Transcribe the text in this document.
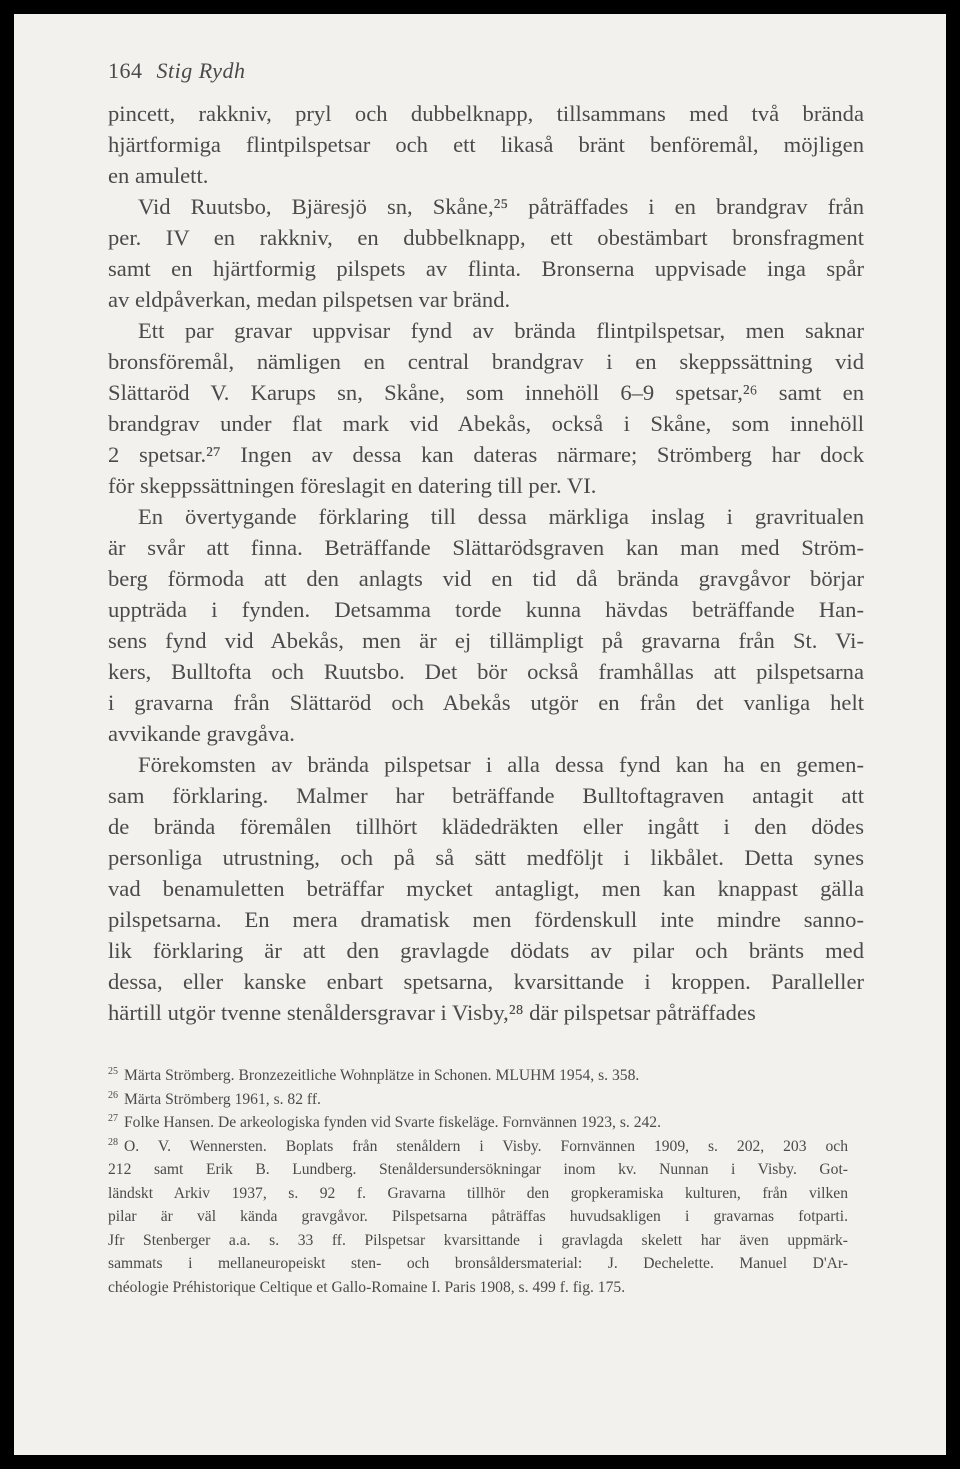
164 Stig Rydh
pincett, rakkniv, pryl och dubbelknapp, tillsammans med två brända
hjärtformiga flintpilspetsar och ett likaså bränt benföremål, möjligen
en amulett.
Vid Ruutsbo, Bjäresjö sn, Skåne,²⁵ påträffades i en brandgrav från
per. IV en rakkniv, en dubbelknapp, ett obestämbart bronsfragment
samt en hjärtformig pilspets av flinta. Bronserna uppvisade inga spår
av eldpåverkan, medan pilspetsen var bränd.
Ett par gravar uppvisar fynd av brända flintpilspetsar, men saknar
bronsföremål, nämligen en central brandgrav i en skeppssättning vid
Slättaröd V. Karups sn, Skåne, som innehöll 6–9 spetsar,²⁶ samt en
brandgrav under flat mark vid Abekås, också i Skåne, som innehöll
2 spetsar.²⁷ Ingen av dessa kan dateras närmare; Strömberg har dock
för skeppssättningen föreslagit en datering till per. VI.
En övertygande förklaring till dessa märkliga inslag i gravritualen
är svår att finna. Beträffande Slättarödsgraven kan man med Ström-
berg förmoda att den anlagts vid en tid då brända gravgåvor börjar
uppträda i fynden. Detsamma torde kunna hävdas beträffande Han-
sens fynd vid Abekås, men är ej tillämpligt på gravarna från St. Vi-
kers, Bulltofta och Ruutsbo. Det bör också framhållas att pilspetsarna
i gravarna från Slättaröd och Abekås utgör en från det vanliga helt
avvikande gravgåva.
Förekomsten av brända pilspetsar i alla dessa fynd kan ha en gemen-
sam förklaring. Malmer har beträffande Bulltoftagraven antagit att
de brända föremålen tillhört klädedräkten eller ingått i den dödes
personliga utrustning, och på så sätt medföljt i likbålet. Detta synes
vad benamuletten beträffar mycket antagligt, men kan knappast gälla
pilspetsarna. En mera dramatisk men fördenskull inte mindre sanno-
lik förklaring är att den gravlagde dödats av pilar och bränts med
dessa, eller kanske enbart spetsarna, kvarsittande i kroppen. Paralleller
härtill utgör tvenne stenåldersgravar i Visby,²⁸ där pilspetsar påträffades
$^{25}$ Märta Strömberg. Bronzezeitliche Wohnplätze in Schonen. MLUHM 1954, s. 358.
$^{26}$ Märta Strömberg 1961, s. 82 ff.
$^{27}$ Folke Hansen. De arkeologiska fynden vid Svarte fiskeläge. Fornvännen 1923, s. 242.
$^{28}$ O. V. Wennersten. Boplats från stenåldern i Visby. Fornvännen 1909, s. 202, 203 och
212 samt Erik B. Lundberg. Stenåldersundersökningar inom kv. Nunnan i Visby. Got-
ländskt Arkiv 1937, s. 92 f. Gravarna tillhör den gropkeramiska kulturen, från vilken
pilar är väl kända gravgåvor. Pilspetsarna påträffas huvudsakligen i gravarnas fotparti.
Jfr Stenberger a.a. s. 33 ff. Pilspetsar kvarsittande i gravlagda skelett har även uppmärk-
sammats i mellaneuropeiskt sten- och bronsåldersmaterial: J. Dechelette. Manuel D'Ar-
chéologie Préhistorique Celtique et Gallo-Romaine I. Paris 1908, s. 499 f. fig. 175.
